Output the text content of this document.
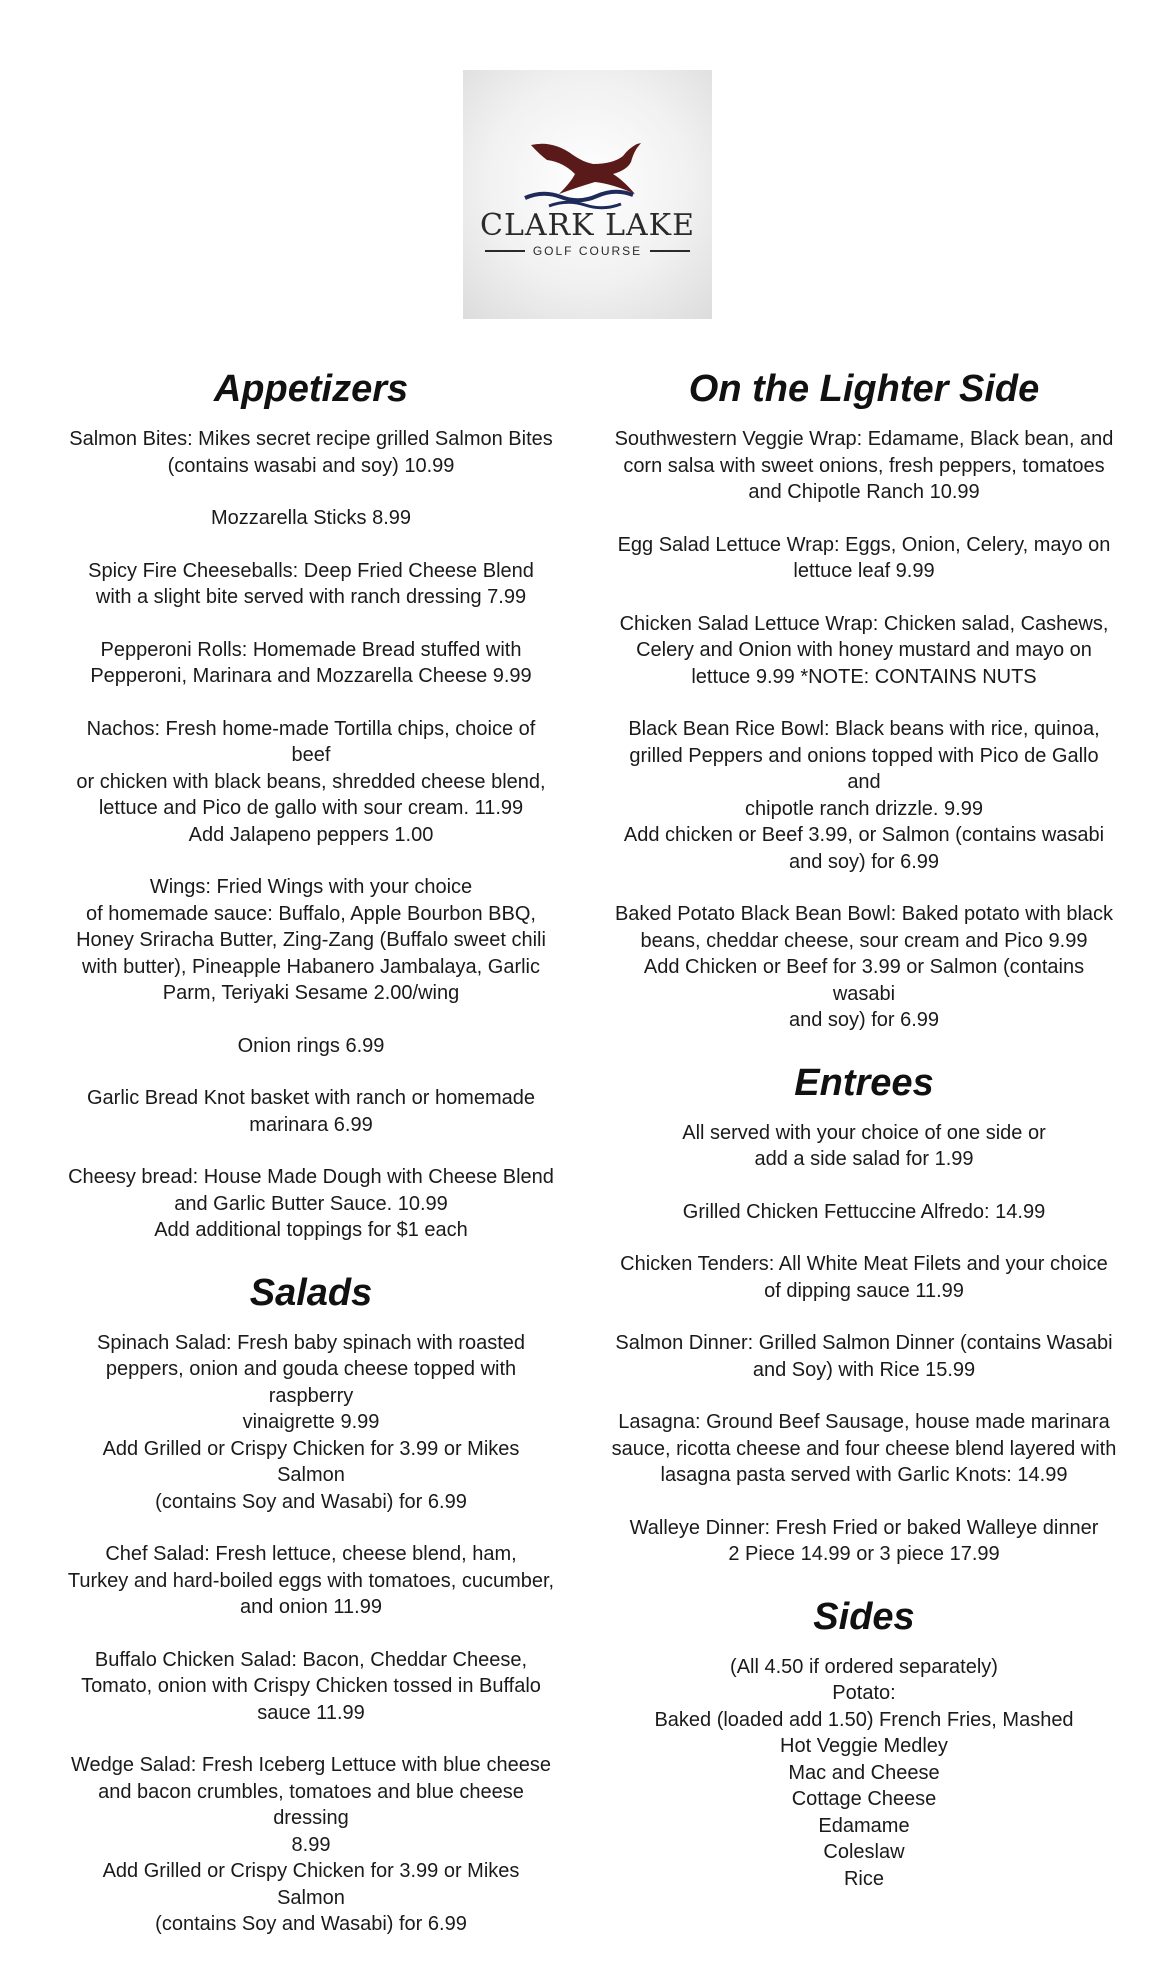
CLARK LAKE
GOLF COURSE
Appetizers

Salmon Bites: Mikes secret recipe grilled Salmon Bites
(contains wasabi and soy) 10.99

Mozzarella Sticks 8.99

Spicy Fire Cheeseballs: Deep Fried Cheese Blend
with a slight bite served with ranch dressing 7.99

Pepperoni Rolls: Homemade Bread stuffed with
Pepperoni, Marinara and Mozzarella Cheese 9.99

Nachos: Fresh home-made Tortilla chips, choice of beef
or chicken with black beans, shredded cheese blend,
lettuce and Pico de gallo with sour cream. 11.99
Add Jalapeno peppers 1.00

Wings: Fried Wings with your choice
of homemade sauce: Buffalo, Apple Bourbon BBQ,
Honey Sriracha Butter, Zing-Zang (Buffalo sweet chili
with butter), Pineapple Habanero Jambalaya, Garlic
Parm, Teriyaki Sesame 2.00/wing

Onion rings 6.99

Garlic Bread Knot basket with ranch or homemade
marinara 6.99

Cheesy bread: House Made Dough with Cheese Blend
and Garlic Butter Sauce. 10.99
Add additional toppings for $1 each

Salads

Spinach Salad: Fresh baby spinach with roasted
peppers, onion and gouda cheese topped with raspberry
vinaigrette 9.99
Add Grilled or Crispy Chicken for 3.99 or Mikes Salmon
(contains Soy and Wasabi) for 6.99

Chef Salad: Fresh lettuce, cheese blend, ham,
Turkey and hard-boiled eggs with tomatoes, cucumber,
and onion 11.99

Buffalo Chicken Salad: Bacon, Cheddar Cheese,
Tomato, onion with Crispy Chicken tossed in Buffalo
sauce 11.99

Wedge Salad: Fresh Iceberg Lettuce with blue cheese
and bacon crumbles, tomatoes and blue cheese dressing
8.99
Add Grilled or Crispy Chicken for 3.99 or Mikes Salmon
(contains Soy and Wasabi) for 6.99

On the Lighter Side

Southwestern Veggie Wrap: Edamame, Black bean, and
corn salsa with sweet onions, fresh peppers, tomatoes
and Chipotle Ranch 10.99

Egg Salad Lettuce Wrap: Eggs, Onion, Celery, mayo on
lettuce leaf 9.99

Chicken Salad Lettuce Wrap: Chicken salad, Cashews,
Celery and Onion with honey mustard and mayo on
lettuce 9.99 *NOTE: CONTAINS NUTS

Black Bean Rice Bowl: Black beans with rice, quinoa,
grilled Peppers and onions topped with Pico de Gallo and
chipotle ranch drizzle. 9.99
Add chicken or Beef 3.99, or Salmon (contains wasabi
and soy) for 6.99

Baked Potato Black Bean Bowl: Baked potato with black
beans, cheddar cheese, sour cream and Pico 9.99
Add Chicken or Beef for 3.99 or Salmon (contains wasabi
and soy) for 6.99

Entrees

All served with your choice of one side or
add a side salad for 1.99

Grilled Chicken Fettuccine Alfredo: 14.99

Chicken Tenders: All White Meat Filets and your choice
of dipping sauce 11.99

Salmon Dinner: Grilled Salmon Dinner (contains Wasabi
and Soy) with Rice 15.99

Lasagna: Ground Beef Sausage, house made marinara
sauce, ricotta cheese and four cheese blend layered with
lasagna pasta served with Garlic Knots: 14.99

Walleye Dinner: Fresh Fried or baked Walleye dinner
2 Piece 14.99 or 3 piece 17.99

Sides

(All 4.50 if ordered separately)
Potato:
Baked (loaded add 1.50) French Fries, Mashed
Hot Veggie Medley
Mac and Cheese
Cottage Cheese
Edamame
Coleslaw
Rice
